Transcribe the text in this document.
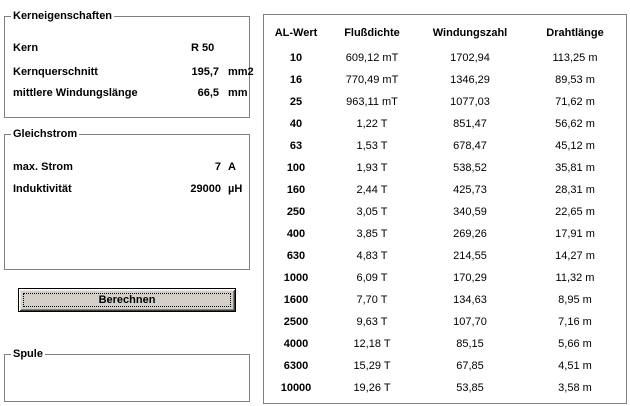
Kerneigenschaften
Kern	R 50
Kernquerschnitt	195,7 mm2
mittlere Windungslänge	66,5 mm
Gleichstrom
max. Strom	7 A
Induktivität	29000 µH
Berechnen
Spule
AL-Wert	Flußdichte	Windungszahl	Drahtlänge
10	609,12 mT	1702,94	113,25 m
16	770,49 mT	1346,29	89,53 m
25	963,11 mT	1077,03	71,62 m
40	1,22 T	851,47	56,62 m
63	1,53 T	678,47	45,12 m
100	1,93 T	538,52	35,81 m
160	2,44 T	425,73	28,31 m
250	3,05 T	340,59	22,65 m
400	3,85 T	269,26	17,91 m
630	4,83 T	214,55	14,27 m
1000	6,09 T	170,29	11,32 m
1600	7,70 T	134,63	8,95 m
2500	9,63 T	107,70	7,16 m
4000	12,18 T	85,15	5,66 m
6300	15,29 T	67,85	4,51 m
10000	19,26 T	53,85	3,58 m
